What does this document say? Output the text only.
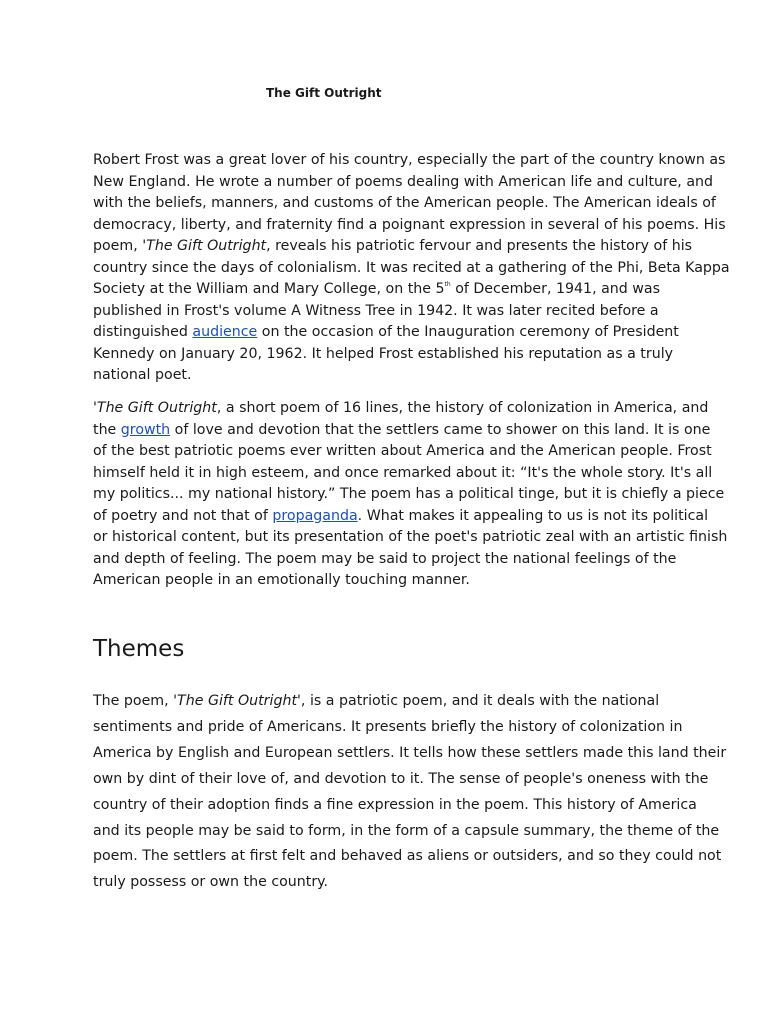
The Gift Outright

Robert Frost was a great lover of his country, especially the part of the country known as
New England. He wrote a number of poems dealing with American life and culture, and
with the beliefs, manners, and customs of the American people. The American ideals of
democracy, liberty, and fraternity find a poignant expression in several of his poems. His
poem, 'The Gift Outright, reveals his patriotic fervour and presents the history of his
country since the days of colonialism. It was recited at a gathering of the Phi, Beta Kappa
Society at the William and Mary College, on the 5th of December, 1941, and was
published in Frost's volume A Witness Tree in 1942. It was later recited before a
distinguished audience on the occasion of the Inauguration ceremony of President
Kennedy on January 20, 1962. It helped Frost established his reputation as a truly
national poet.

'The Gift Outright, a short poem of 16 lines, the history of colonization in America, and
the growth of love and devotion that the settlers came to shower on this land. It is one
of the best patriotic poems ever written about America and the American people. Frost
himself held it in high esteem, and once remarked about it: “It's the whole story. It's all
my politics... my national history.” The poem has a political tinge, but it is chiefly a piece
of poetry and not that of propaganda. What makes it appealing to us is not its political
or historical content, but its presentation of the poet's patriotic zeal with an artistic finish
and depth of feeling. The poem may be said to project the national feelings of the
American people in an emotionally touching manner.

Themes

The poem, 'The Gift Outright', is a patriotic poem, and it deals with the national
sentiments and pride of Americans. It presents briefly the history of colonization in
America by English and European settlers. It tells how these settlers made this land their
own by dint of their love of, and devotion to it. The sense of people's oneness with the
country of their adoption finds a fine expression in the poem. This history of America
and its people may be said to form, in the form of a capsule summary, the theme of the
poem. The settlers at first felt and behaved as aliens or outsiders, and so they could not
truly possess or own the country.
